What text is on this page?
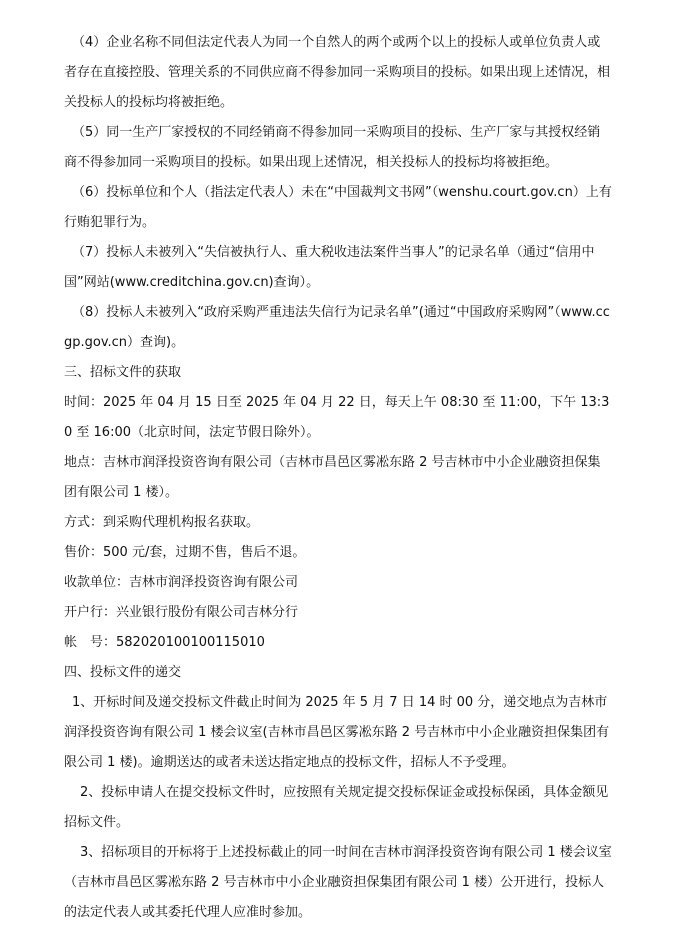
（4）企业名称不同但法定代表人为同一个自然人的两个或两个以上的投标人或单位负责人或者存在直接控股、管理关系的不同供应商不得参加同一采购项目的投标。如果出现上述情况，相关投标人的投标均将被拒绝。

（5）同一生产厂家授权的不同经销商不得参加同一采购项目的投标、生产厂家与其授权经销商不得参加同一采购项目的投标。如果出现上述情况，相关投标人的投标均将被拒绝。

（6）投标单位和个人（指法定代表人）未在“中国裁判文书网”（wenshu.court.gov.cn）上有行贿犯罪行为。

（7）投标人未被列入“失信被执行人、重大税收违法案件当事人”的记录名单（通过“信用中国”网站(www.creditchina.gov.cn)查询）。

（8）投标人未被列入“政府采购严重违法失信行为记录名单”(通过“中国政府采购网”（www.ccgp.gov.cn）查询)。

三、招标文件的获取

时间：2025 年 04 月 15 日至 2025 年 04 月 22 日，每天上午 08:30 至 11:00，下午 13:30 至 16:00（北京时间，法定节假日除外）。

地点：吉林市润泽投资咨询有限公司（吉林市昌邑区雾凇东路 2 号吉林市中小企业融资担保集团有限公司 1 楼）。

方式：到采购代理机构报名获取。

售价：500 元/套，过期不售，售后不退。

收款单位：吉林市润泽投资咨询有限公司

开户行：兴业银行股份有限公司吉林分行

帐　号：582020100100115010

四、投标文件的递交

1、开标时间及递交投标文件截止时间为 2025 年 5 月 7 日 14 时 00 分，递交地点为吉林市润泽投资咨询有限公司 1 楼会议室(吉林市昌邑区雾凇东路 2 号吉林市中小企业融资担保集团有限公司 1 楼)。逾期送达的或者未送达指定地点的投标文件，招标人不予受理。

2、投标申请人在提交投标文件时，应按照有关规定提交投标保证金或投标保函，具体金额见招标文件。

3、招标项目的开标将于上述投标截止的同一时间在吉林市润泽投资咨询有限公司 1 楼会议室（吉林市昌邑区雾凇东路 2 号吉林市中小企业融资担保集团有限公司 1 楼）公开进行，投标人的法定代表人或其委托代理人应准时参加。
